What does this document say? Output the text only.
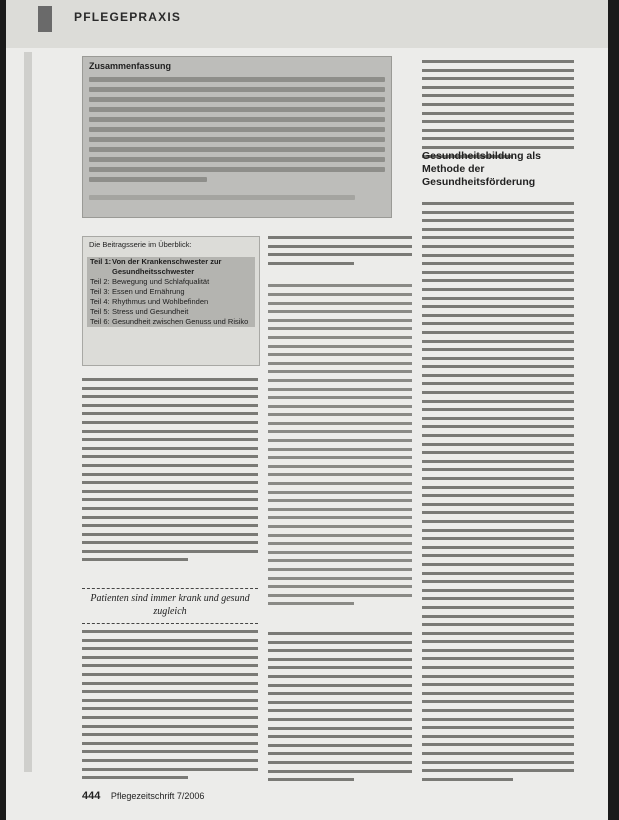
PFLEGEPRAXIS
Zusammenfassung
Die Beitragsserie im Überblick:
Teil 1: Von der Krankenschwester zur Gesundheitsschwester
Teil 2: Bewegung und Schlafqualität
Teil 3: Essen und Ernährung
Teil 4: Rhythmus und Wohlbefinden
Teil 5: Stress und Gesundheit
Teil 6: Gesundheit zwischen Genuss und Risiko
Patienten sind immer krank und gesund zugleich
Gesundheitsbildung als Methode der Gesundheitsförderung
444 Pflegezeitschrift 7/2006
